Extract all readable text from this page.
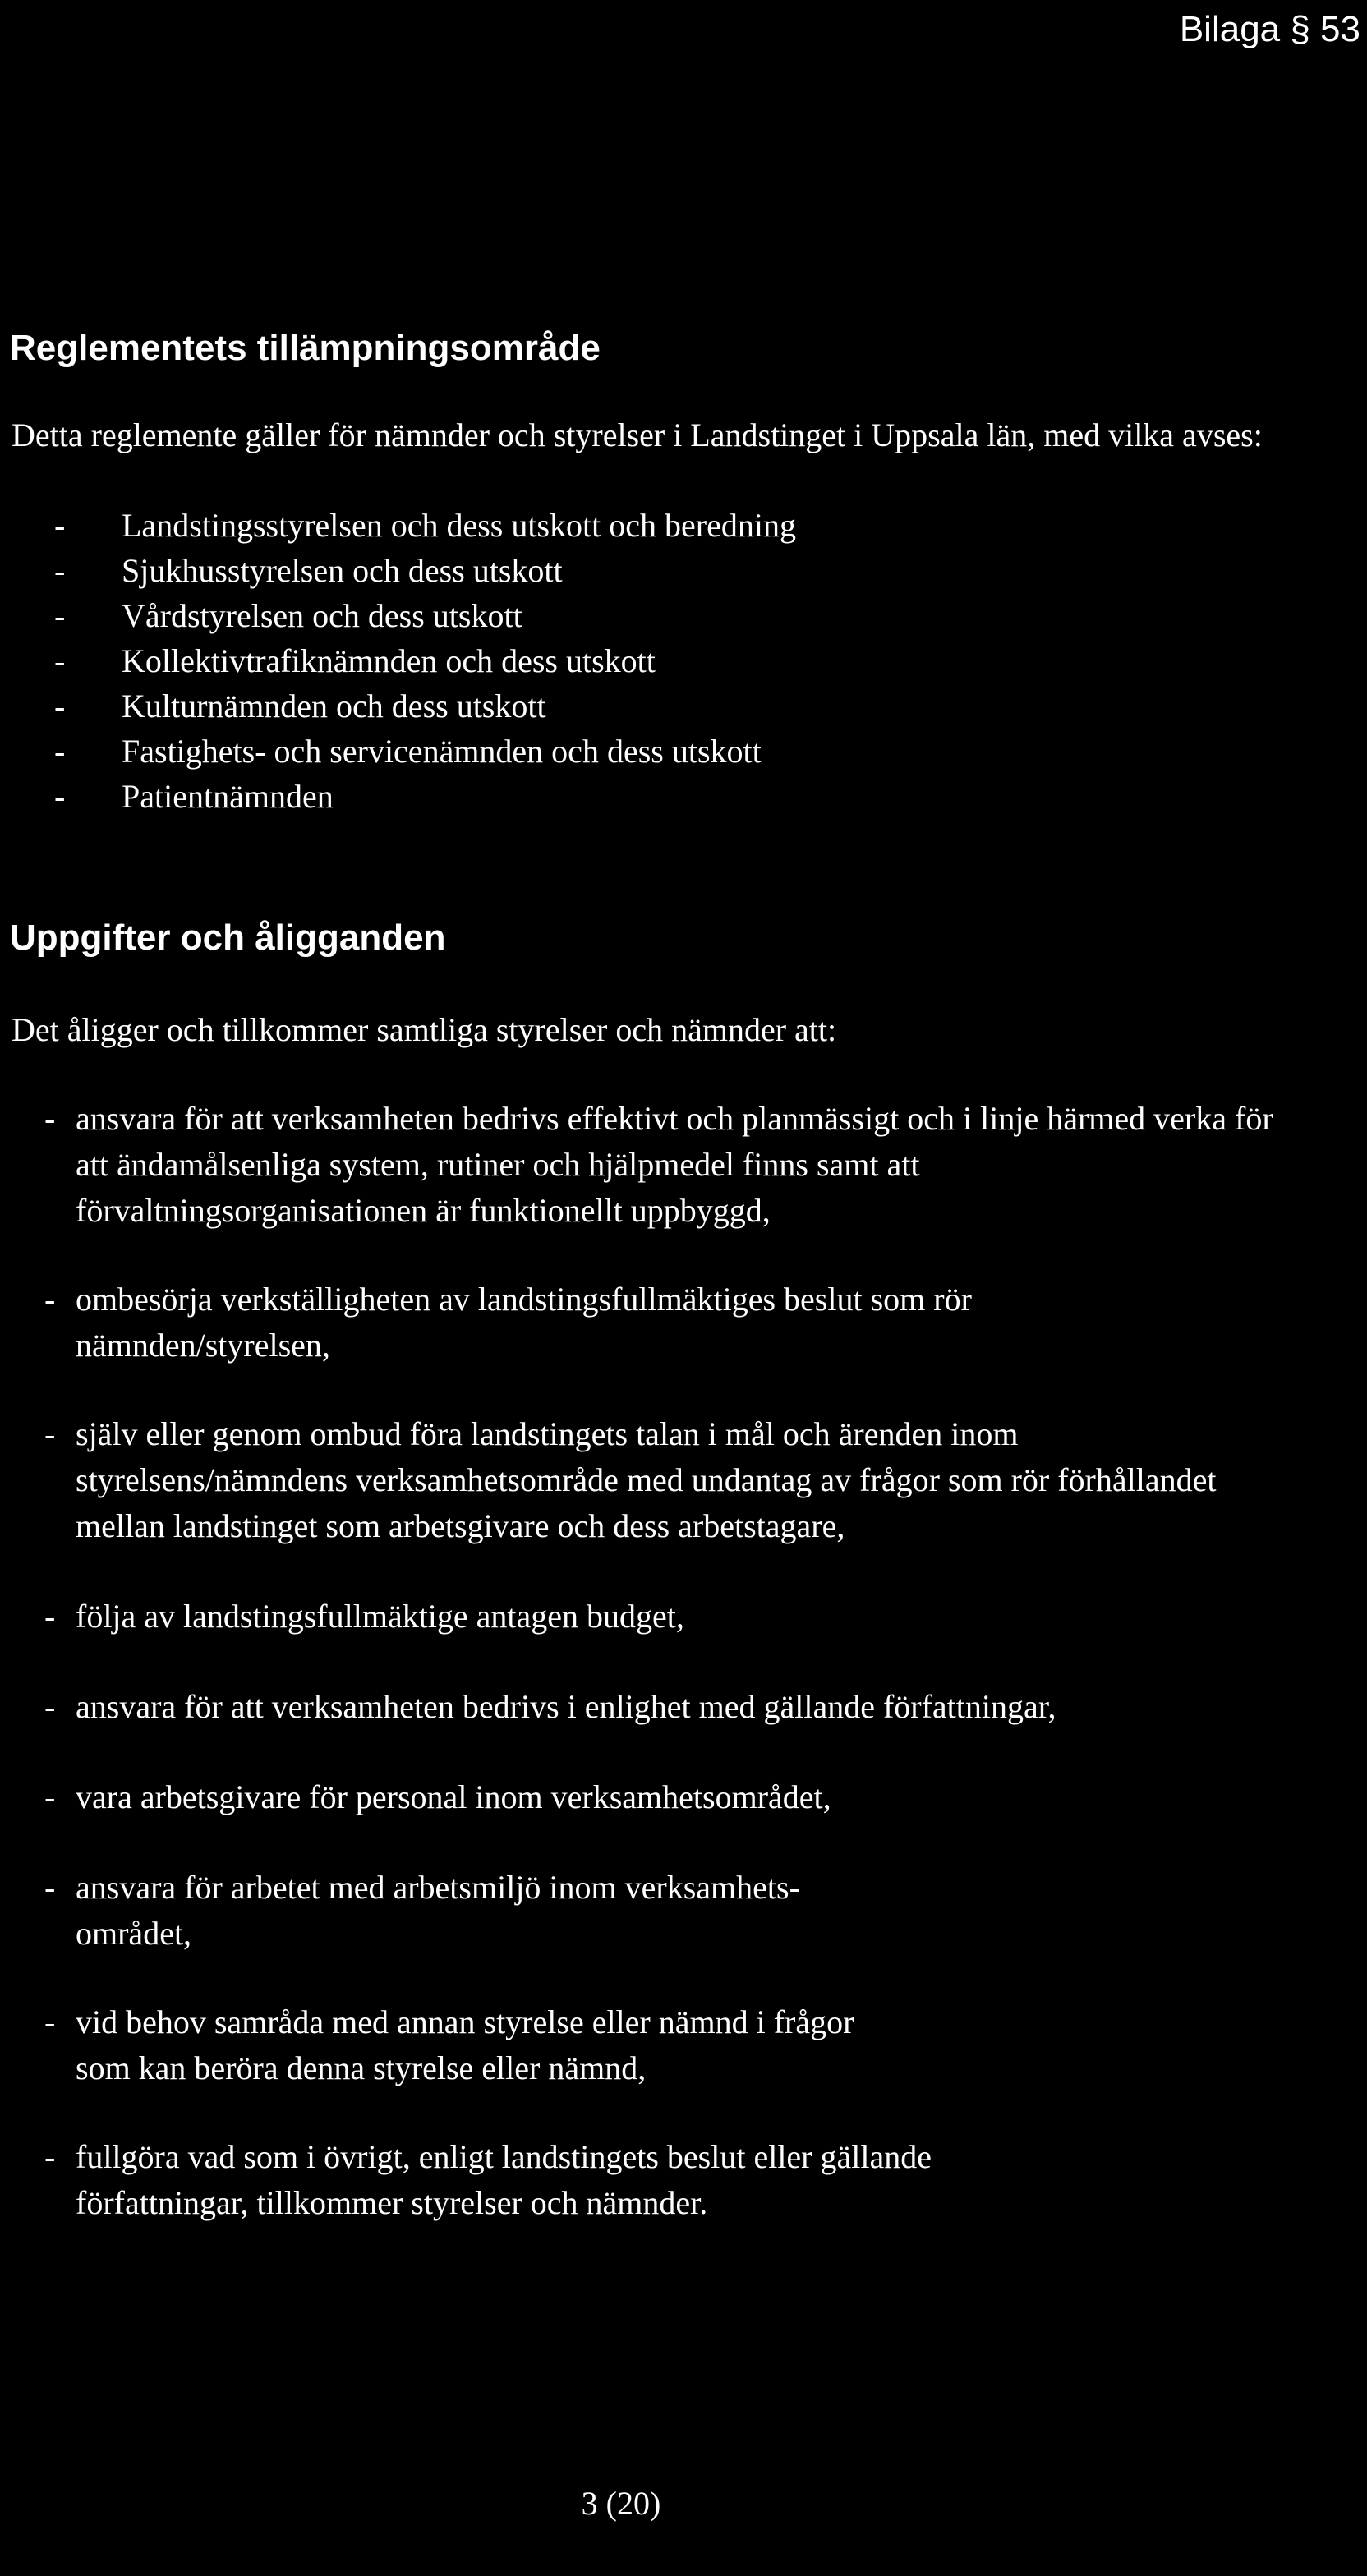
Bilaga § 53
Reglementets tillämpningsområde

Detta reglemente gäller för nämnder och styrelser i Landstinget i Uppsala län, med vilka avses:

- Landstingsstyrelsen och dess utskott och beredning
- Sjukhusstyrelsen och dess utskott
- Vårdstyrelsen och dess utskott
- Kollektivtrafiknämnden och dess utskott
- Kulturnämnden och dess utskott
- Fastighets- och servicenämnden och dess utskott
- Patientnämnden
Uppgifter och åligganden

Det åligger och tillkommer samtliga styrelser och nämnder att:

- ansvara för att verksamheten bedrivs effektivt och planmässigt och i linje härmed verka för att ändamålsenliga system, rutiner och hjälpmedel finns samt att förvaltningsorganisationen är funktionellt uppbyggd,

- ombesörja verkställigheten av landstingsfullmäktiges beslut som rör nämnden/styrelsen,

- själv eller genom ombud föra landstingets talan i mål och ärenden inom styrelsens/nämndens verksamhetsområde med undantag av frågor som rör förhållandet mellan landstinget som arbetsgivare och dess arbetstagare,

- följa av landstingsfullmäktige antagen budget,

- ansvara för att verksamheten bedrivs i enlighet med gällande författningar,

- vara arbetsgivare för personal inom verksamhetsområdet,

- ansvara för arbetet med arbetsmiljö inom verksamhets-
området,

- vid behov samråda med annan styrelse eller nämnd i frågor
som kan beröra denna styrelse eller nämnd,

- fullgöra vad som i övrigt, enligt landstingets beslut eller gällande
författningar, tillkommer styrelser och nämnder.

3 (20)
